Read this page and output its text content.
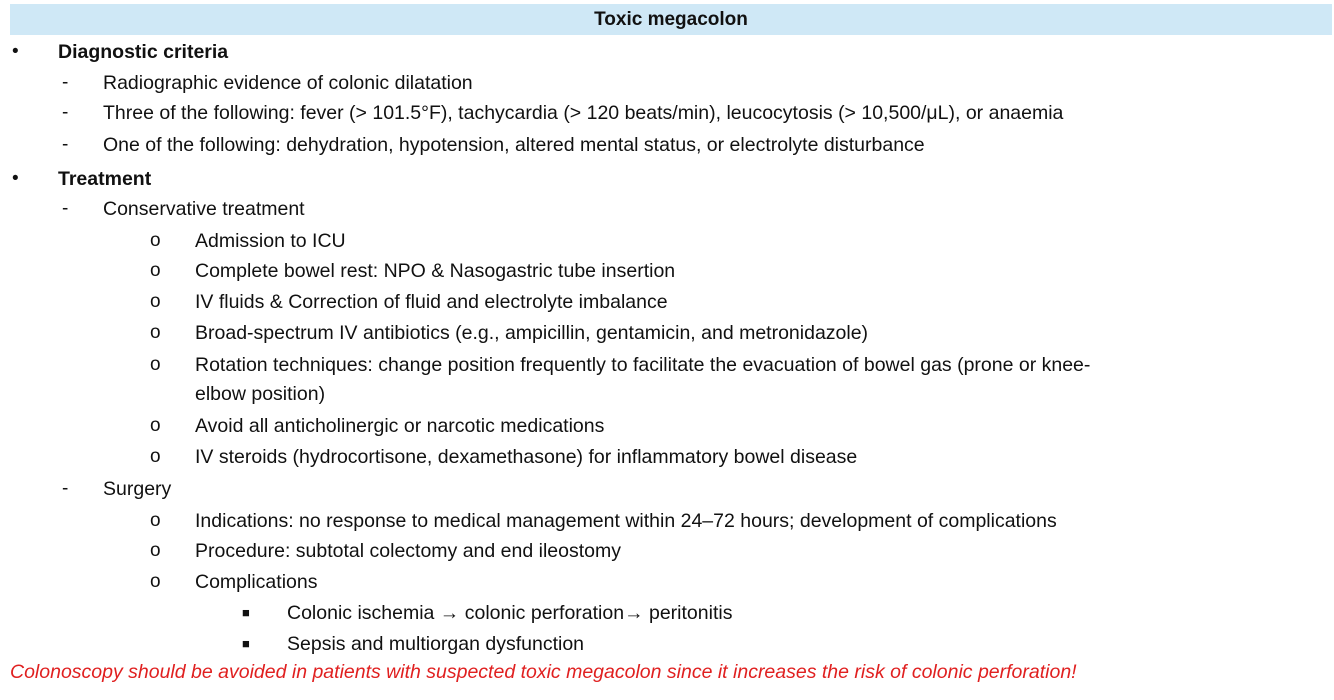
Toxic megacolon
• Diagnostic criteria
- Radiographic evidence of colonic dilatation
- Three of the following: fever (> 101.5°F), tachycardia (> 120 beats/min), leucocytosis (> 10,500/μL), or anaemia
- One of the following: dehydration, hypotension, altered mental status, or electrolyte disturbance
• Treatment
- Conservative treatment
o Admission to ICU
o Complete bowel rest: NPO & Nasogastric tube insertion
o IV fluids & Correction of fluid and electrolyte imbalance
o Broad-spectrum IV antibiotics (e.g., ampicillin, gentamicin, and metronidazole)
o Rotation techniques: change position frequently to facilitate the evacuation of bowel gas (prone or knee-
elbow position)
o Avoid all anticholinergic or narcotic medications
o IV steroids (hydrocortisone, dexamethasone) for inflammatory bowel disease
- Surgery
o Indications: no response to medical management within 24–72 hours; development of complications
o Procedure: subtotal colectomy and end ileostomy
o Complications
■ Colonic ischemia → colonic perforation→ peritonitis
■ Sepsis and multiorgan dysfunction
Colonoscopy should be avoided in patients with suspected toxic megacolon since it increases the risk of colonic perforation!
